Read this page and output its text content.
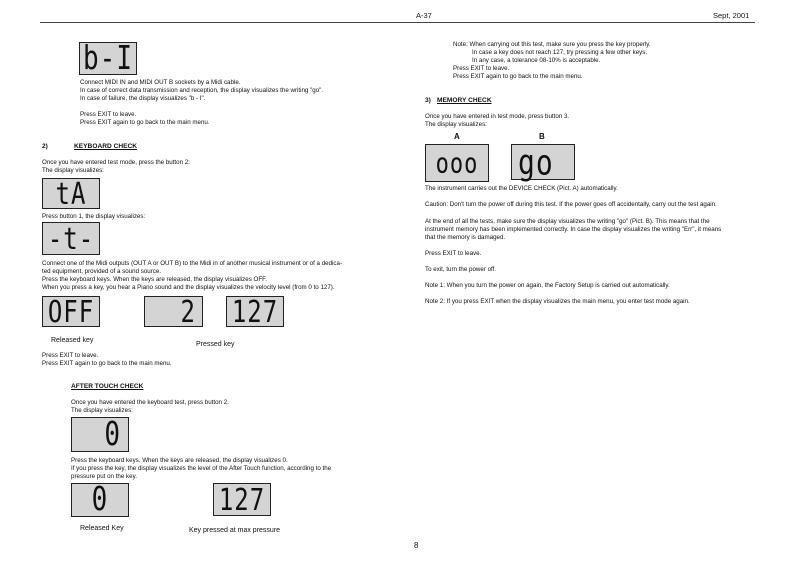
A-37	Sept, 2001
b-I
Connect MIDI IN and MIDI OUT B sockets by a Midi cable.
In case of correct data transmission and reception, the display visualizes the writing "go".
In case of failure, the display visualizes "b - I".
Press EXIT to leave.
Press EXIT again to go back to the main menu.
2)	KEYBOARD CHECK
Once you have entered test mode, press the button 2:
The display visualizes:
tA
Press button 1, the display visualizes:
-t-
Connect one of the Midi outputs (OUT A or OUT B) to the Midi in of another musical instrument or of a dedica-
ted equipment, provided of a sound source.
Press the keyboard keys. When the keys are released, the display visualizes OFF.
When you press a key, you hear a Piano sound and the display visualizes the velocity level (from 0 to 127).
OFF	2 127
Released key
Pressed key
Press EXIT to leave.
Press EXIT again to go back to the main menu.
AFTER TOUCH CHECK
Once you have entered the keyboard test, press button 2.
The display visualizes:
0
Press the keyboard keys. When the keys are released, the display visualizes 0.
If you press the key, the display visualizes the level of the After Touch function, according to the
pressure put on the key.
0	127
Released Key	Key pressed at max pressure
8
Note: When carrying out this test, make sure you press the key properly.
In case a key does not reach 127, try pressing a few other keys.
In any case, a tolerance 08-10% is acceptable.
Press EXIT to leave.
Press EXIT again to go back to the main menu.
3) MEMORY CHECK
Once you have entered in test mode, press button 3.
The display visualizes:
A	B
ooo go
The instrument carries out the DEVICE CHECK (Pict. A) automatically.
Caution: Don't turn the power off during this test. If the power goes off accidentally, carry out the test again.
At the end of all the tests, make sure the display visualizes the writing "go" (Pict. B). This means that the
instrument memory has been implemented correctly. In case the display visualizes the writing "Err", it means
that the memory is damaged.
Press EXIT to leave.
To exit, turn the power off.
Note 1: When you turn the power on again, the Factory Setup is carried out automatically.
Note 2: If you press EXIT when the display visualizes the main menu, you enter test mode again.
